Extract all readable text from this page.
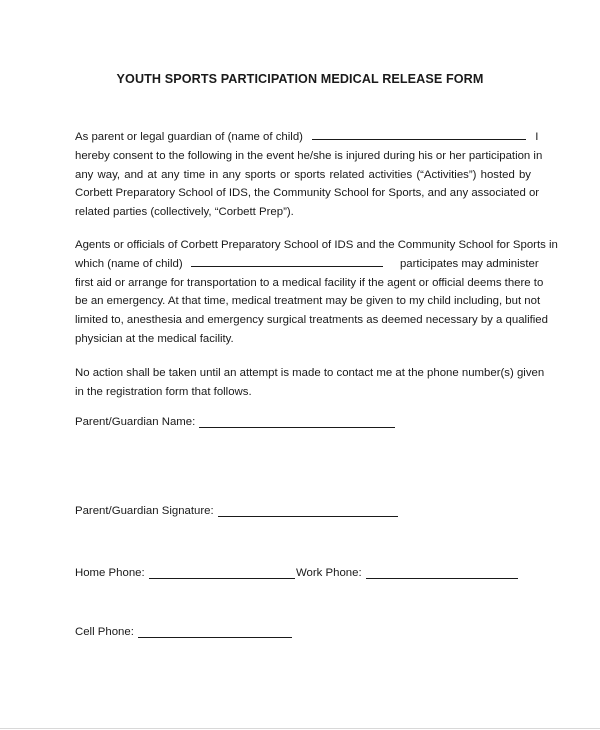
YOUTH SPORTS PARTICIPATION MEDICAL RELEASE FORM
As parent or legal guardian of (name of child)	I
hereby consent to the following in the event he/she is injured during his or her participation in
any way, and at any time in any sports or sports related activities (“Activities”) hosted by
Corbett Preparatory School of IDS, the Community School for Sports, and any associated or
related parties (collectively, “Corbett Prep”).
Agents or officials of Corbett Preparatory School of IDS and the Community School for Sports in
which (name of child)	participates may administer
first aid or arrange for transportation to a medical facility if the agent or official deems there to
be an emergency. At that time, medical treatment may be given to my child including, but not
limited to, anesthesia and emergency surgical treatments as deemed necessary by a qualified
physician at the medical facility.
No action shall be taken until an attempt is made to contact me at the phone number(s) given
in the registration form that follows.
Parent/Guardian Name:
Parent/Guardian Signature:
Home Phone:	Work Phone:
Cell Phone:
